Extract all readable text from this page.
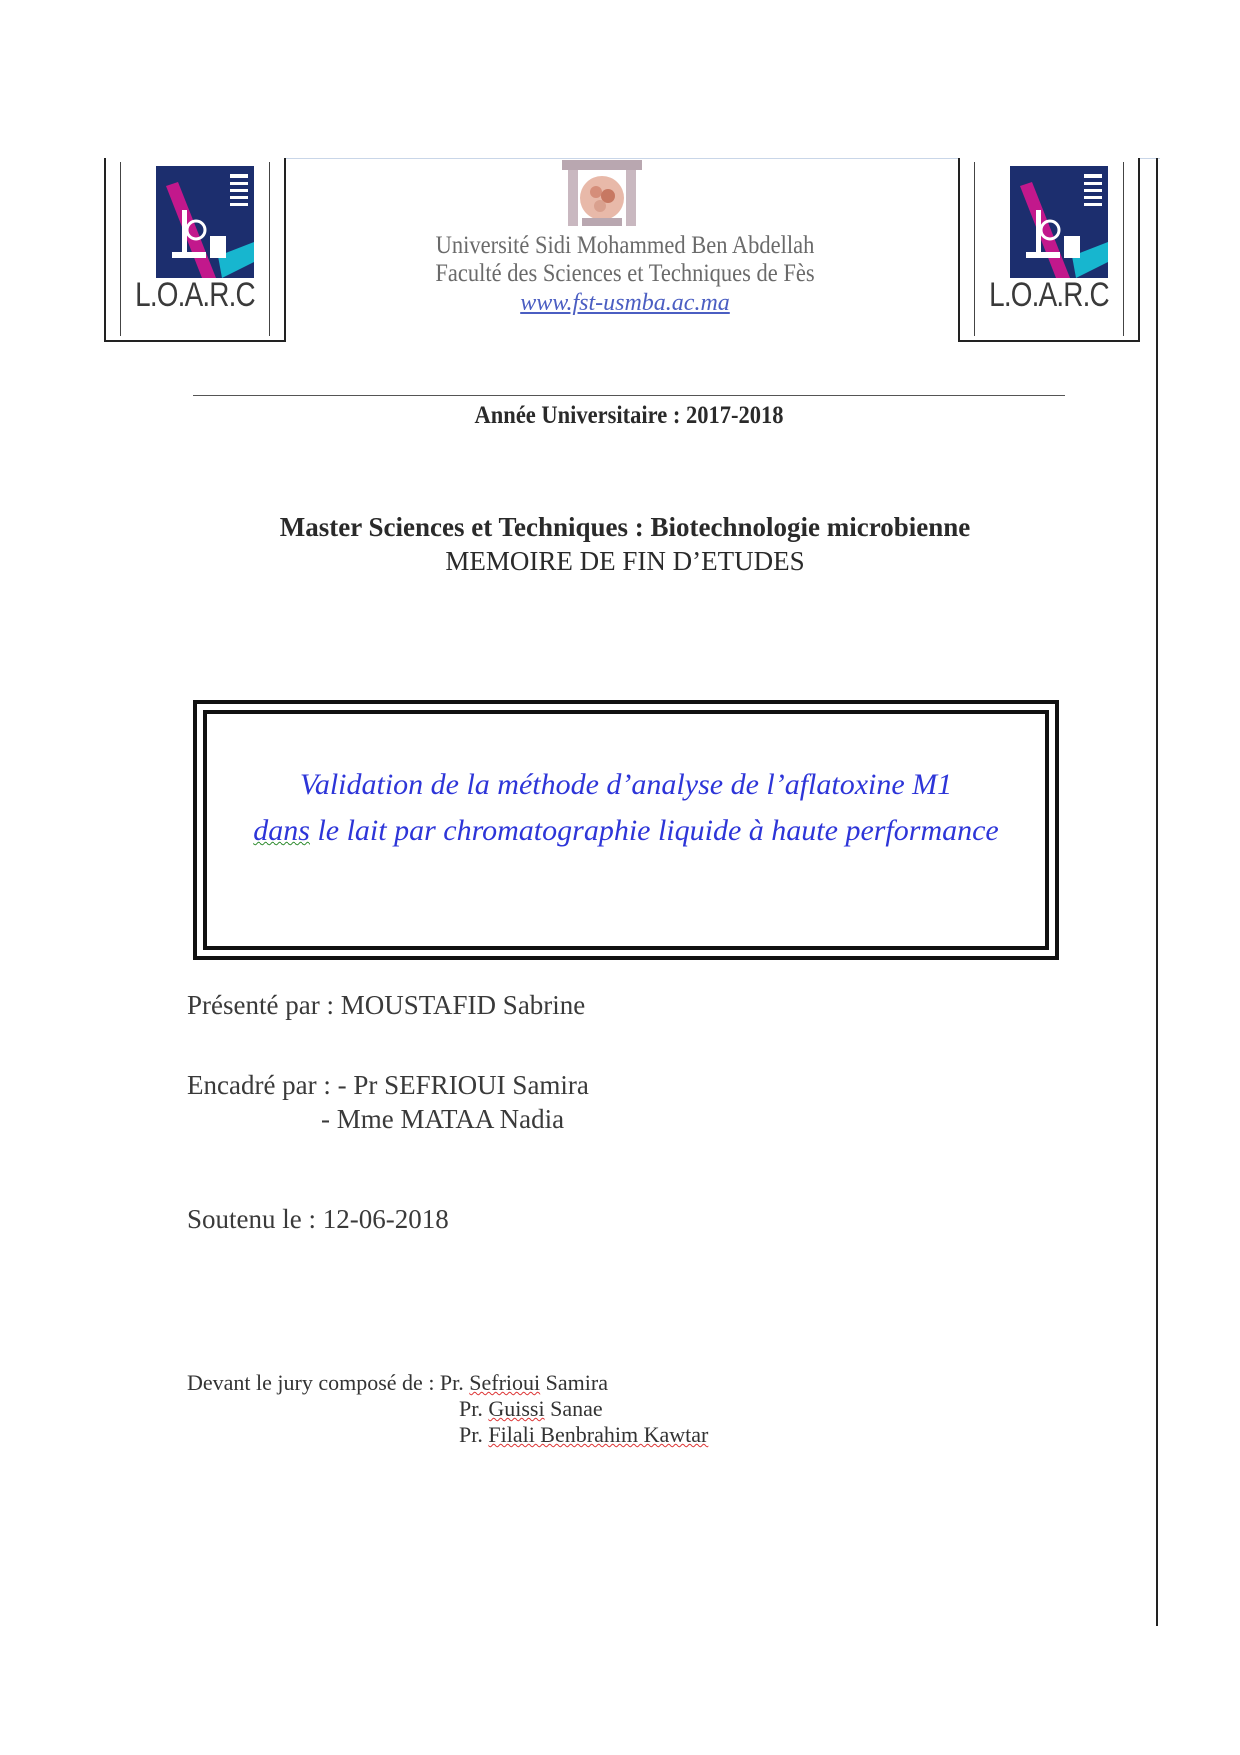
L.O.A.R.C	L.O.A.R.C
Université Sidi Mohammed Ben Abdellah
Faculté des Sciences et Techniques de Fès
www.fst-usmba.ac.ma
Année Universitaire : 2017-2018
Master Sciences et Techniques : Biotechnologie microbienne
MEMOIRE DE FIN D’ETUDES
Validation de la méthode d’analyse de l’aflatoxine M1
dans le lait par chromatographie liquide à haute performance
Présenté par : MOUSTAFID Sabrine
Encadré par : - Pr SEFRIOUI Samira
- Mme MATAA Nadia
Soutenu le : 12-06-2018
Devant le jury composé de : Pr. Sefrioui Samira
Pr. Guissi Sanae
Pr. Filali Benbrahim Kawtar
